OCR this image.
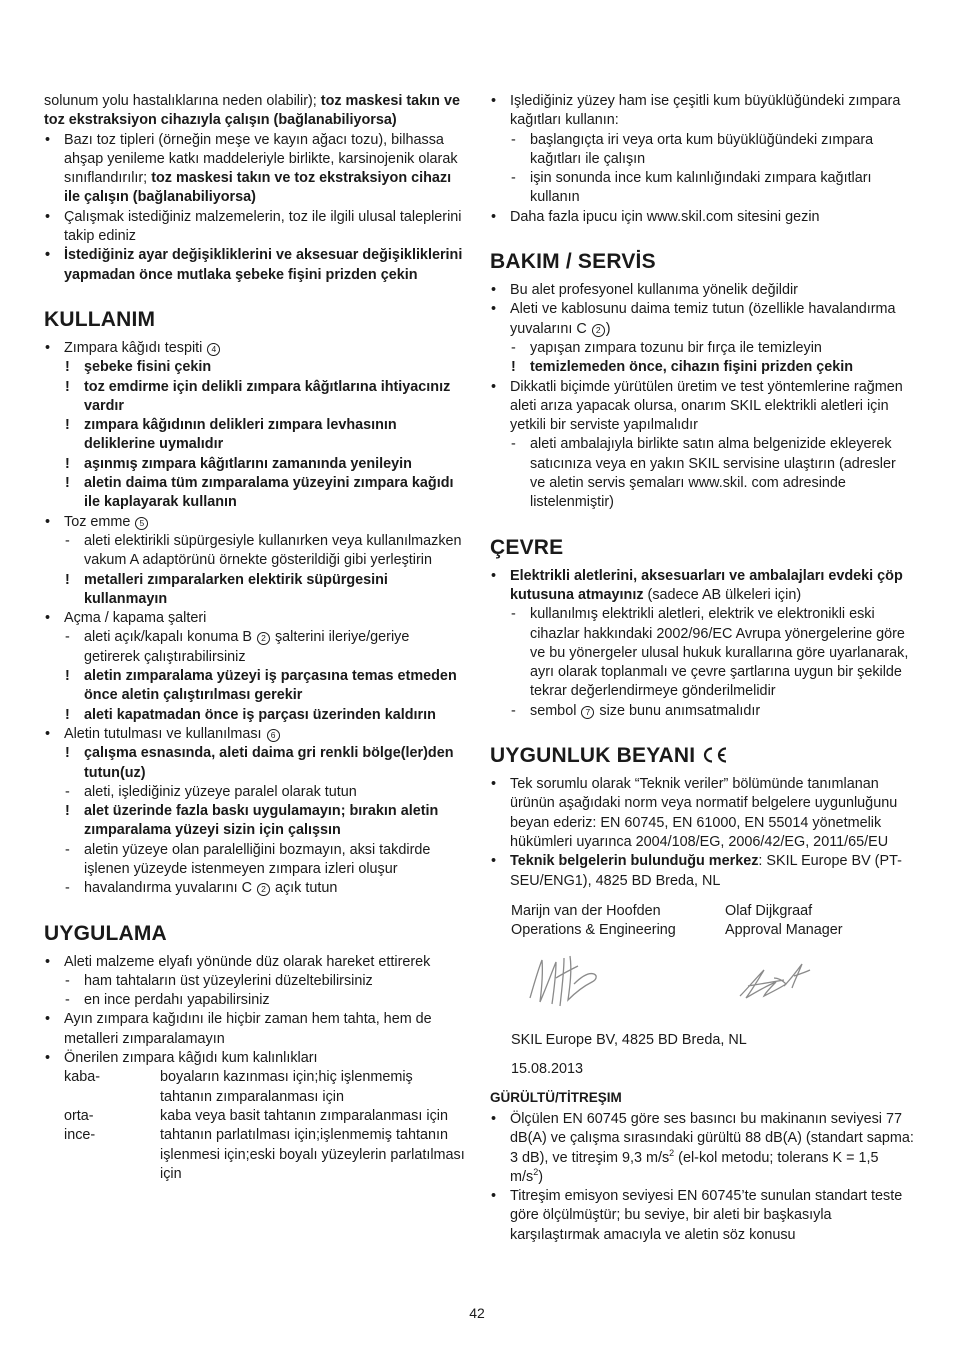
solunum yolu hastalıklarına neden olabilir); toz maskesi takın ve toz ekstraksiyon cihazıyla çalışın (bağlanabiliyorsa)

• Bazı toz tipleri (örneğin meşe ve kayın ağacı tozu), bilhassa ahşap yenileme katkı maddeleriyle birlikte, karsinojenik olarak sınıflandırılır; toz maskesi takın ve toz ekstraksiyon cihazı ile çalışın (bağlanabiliyorsa)

• Çalışmak istediğiniz malzemelerin, toz ile ilgili ulusal taleplerini takip ediniz

• İstediğiniz ayar değişikliklerini ve aksesuar değişikliklerini yapmadan önce mutlaka şebeke fişini prizden çekin

KULLANIM

• Zımpara kâğıdı tespiti 4

! şebeke fisini çekin

! toz emdirme için delikli zımpara kâğıtlarına ihtiyacınız vardır

! zımpara kâğıdının delikleri zımpara levhasının deliklerine uymalıdır

! aşınmış zımpara kâğıtlarını zamanında yenileyin

! aletin daima tüm zımparalama yüzeyini zımpara kağıdı ile kaplayarak kullanın

• Toz emme 5

- aleti elektirikli süpürgesiyle kullanırken veya kullanılmazken vakum A adaptörünü örnekte gösterildiği gibi yerleştirin

! metalleri zımparalarken elektirik süpürgesini kullanmayın

• Açma / kapama şalteri

- aleti açık/kapalı konuma B 2 şalterini ileriye/geriye getirerek çalıştırabilirsiniz

! aletin zımparalama yüzeyi iş parçasına temas etmeden önce aletin çalıştırılması gerekir

! aleti kapatmadan önce iş parçası üzerinden kaldırın

• Aletin tutulması ve kullanılması 6

! çalışma esnasında, aleti daima gri renkli bölge(ler)den tutun(uz)

- aleti, işlediğiniz yüzeye paralel olarak tutun

! alet üzerinde fazla baskı uygulamayın; bırakın aletin zımparalama yüzeyi sizin için çalışsın

- aletin yüzeye olan paralelliğini bozmayın, aksi takdirde işlenen yüzeyde istenmeyen zımpara izleri oluşur

- havalandırma yuvalarını C 2 açık tutun

UYGULAMA

• Aleti malzeme elyafı yönünde düz olarak hareket ettirerek

- ham tahtaların üst yüzeylerini düzeltebilirsiniz

- en ince perdahı yapabilirsiniz

• Ayın zımpara kağıdını ile hiçbir zaman hem tahta, hem de metalleri zımparalamayın

• Önerilen zımpara kâğıdı kum kalınlıkları

kaba-	boyaların kazınması için;hiç işlenmemiş tahtanın zımparalanması için
orta-	kaba veya basit tahtanın zımparalanması için
ince-	tahtanın parlatılması için;işlenmemiş tahtanın işlenmesi için;eski boyalı yüzeylerin parlatılması için

• Işlediğiniz yüzey ham ise çeşitli kum büyüklüğündeki zımpara kağıtları kullanın:

- başlangıçta iri veya orta kum büyüklüğündeki zımpara kağıtları ile çalışın

- işin sonunda ince kum kalınlığındaki zımpara kağıtları kullanın

• Daha fazla ipucu için www.skil.com sitesini gezin

BAKIM / SERVİS

• Bu alet profesyonel kullanıma yönelik değildir

• Aleti ve kablosunu daima temiz tutun (özellikle havalandırma yuvalarını C 2 )

- yapışan zımpara tozunu bir fırça ile temizleyin

! temizlemeden önce, cihazın fişini prizden çekin

• Dikkatli biçimde yürütülen üretim ve test yöntemlerine rağmen aleti arıza yapacak olursa, onarım SKIL elektrikli aletleri için yetkili bir serviste yapılmalıdır

- aleti ambalajıyla birlikte satın alma belgenizide ekleyerek satıcınıza veya en yakın SKIL servisine ulaştırın (adresler ve aletin servis şemaları www.skil. com adresinde listelenmiştir)

ÇEVRE

• Elektrikli aletlerini, aksesuarları ve ambalajları evdeki çöp kutusuna atmayınız (sadece AB ülkeleri için)

- kullanılmış elektrikli aletleri, elektrik ve elektronikli eski cihazlar hakkındaki 2002/96/EC Avrupa yönergelerine göre ve bu yönergeler ulusal hukuk kurallarına göre uyarlanarak, ayrı olarak toplanmalı ve çevre şartlarına uygun bir şekilde tekrar değerlendirmeye gönderilmelidir

- sembol 7 size bunu anımsatmalıdır

UYGUNLUK BEYANI

• Tek sorumlu olarak “Teknik veriler” bölümünde tanımlanan ürünün aşağıdaki norm veya normatif belgelere uygunluğunu beyan ederiz: EN 60745, EN 61000, EN 55014 yönetmelik hükümleri uyarınca 2004/108/EG, 2006/42/EG, 2011/65/EU

• Teknik belgelerin bulunduğu merkez: SKIL Europe BV (PT-SEU/ENG1), 4825 BD Breda, NL

Marijn van der Hoofden	Olaf Dijkgraaf
Operations & Engineering	Approval Manager

SKIL Europe BV, 4825 BD Breda, NL

15.08.2013

GÜRÜLTÜ/TİTREŞIM

• Ölçülen EN 60745 göre ses basıncı bu makinanın seviyesi 77 dB(A) ve çalışma sırasındaki gürültü 88 dB(A) (standart sapma: 3 dB), ve titreşim 9,3 $m/s^2$ (el-kol metodu; tolerans K = 1,5 $m/s^2$)

• Titreşim emisyon seviyesi EN 60745’te sunulan standart teste göre ölçülmüştür; bu seviye, bir aleti bir başkasıyla karşılaştırmak amacıyla ve aletin söz konusu

42
